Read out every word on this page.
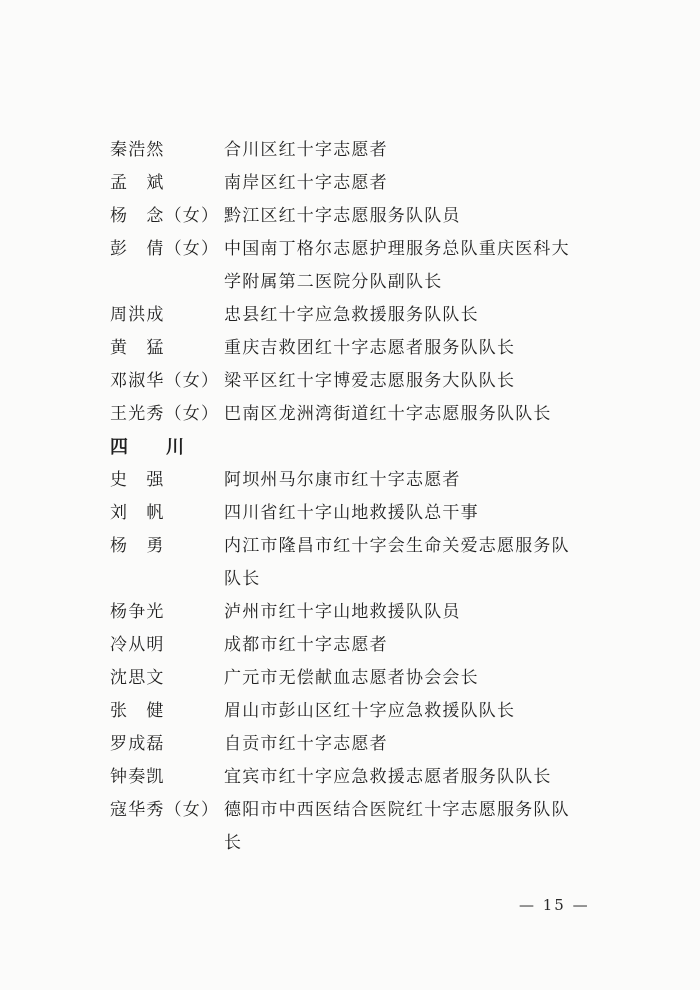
秦浩然	合川区红十字志愿者
孟　斌	南岸区红十字志愿者
杨　念（女） 黔江区红十字志愿服务队队员
彭　倩（女） 中国南丁格尔志愿护理服务总队重庆医科大学附属第二医院分队副队长
周洪成	忠县红十字应急救援服务队队长
黄　猛	重庆吉救团红十字志愿者服务队队长
邓淑华（女） 梁平区红十字博爱志愿服务大队队长
王光秀（女） 巴南区龙洲湾街道红十字志愿服务队队长
四　川
史　强	阿坝州马尔康市红十字志愿者
刘　帆	四川省红十字山地救援队总干事
杨　勇	内江市隆昌市红十字会生命关爱志愿服务队队长
杨争光	泸州市红十字山地救援队队员
冷从明	成都市红十字志愿者
沈思文	广元市无偿献血志愿者协会会长
张　健	眉山市彭山区红十字应急救援队队长
罗成磊	自贡市红十字志愿者
钟奏凯	宜宾市红十字应急救援志愿者服务队队长
寇华秀（女） 德阳市中西医结合医院红十字志愿服务队队长
— 15 —
